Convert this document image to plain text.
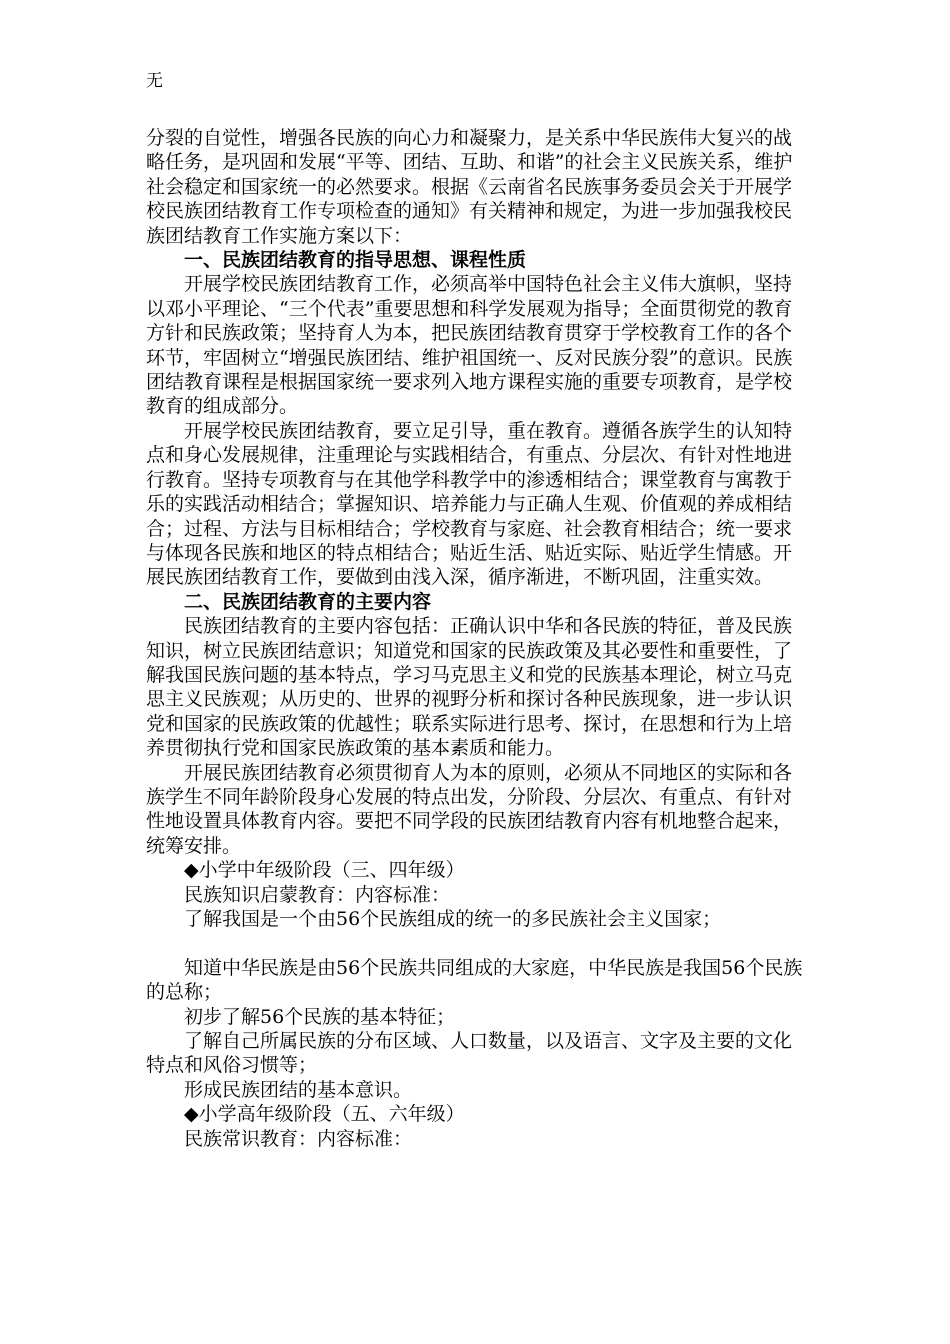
无

分裂的自觉性，增强各民族的向心力和凝聚力，是关系中华民族伟大复兴的战略任务，是巩固和发展“平等、团结、互助、和谐”的社会主义民族关系，维护社会稳定和国家统一的必然要求。根据《云南省名民族事务委员会关于开展学校民族团结教育工作专项检查的通知》有关精神和规定，为进一步加强我校民族团结教育工作实施方案以下：

一、民族团结教育的指导思想、课程性质

开展学校民族团结教育工作，必须高举中国特色社会主义伟大旗帜，坚持以邓小平理论、“三个代表”重要思想和科学发展观为指导；全面贯彻党的教育方针和民族政策；坚持育人为本，把民族团结教育贯穿于学校教育工作的各个环节，牢固树立“增强民族团结、维护祖国统一、反对民族分裂”的意识。民族团结教育课程是根据国家统一要求列入地方课程实施的重要专项教育，是学校教育的组成部分。

开展学校民族团结教育，要立足引导，重在教育。遵循各族学生的认知特点和身心发展规律，注重理论与实践相结合，有重点、分层次、有针对性地进行教育。坚持专项教育与在其他学科教学中的渗透相结合；课堂教育与寓教于乐的实践活动相结合；掌握知识、培养能力与正确人生观、价值观的养成相结合；过程、方法与目标相结合；学校教育与家庭、社会教育相结合；统一要求与体现各民族和地区的特点相结合；贴近生活、贴近实际、贴近学生情感。开展民族团结教育工作，要做到由浅入深，循序渐进，不断巩固，注重实效。

二、民族团结教育的主要内容

民族团结教育的主要内容包括：正确认识中华和各民族的特征，普及民族知识，树立民族团结意识；知道党和国家的民族政策及其必要性和重要性，了解我国民族问题的基本特点，学习马克思主义和党的民族基本理论，树立马克思主义民族观；从历史的、世界的视野分析和探讨各种民族现象，进一步认识党和国家的民族政策的优越性；联系实际进行思考、探讨，在思想和行为上培养贯彻执行党和国家民族政策的基本素质和能力。

开展民族团结教育必须贯彻育人为本的原则，必须从不同地区的实际和各族学生不同年龄阶段身心发展的特点出发，分阶段、分层次、有重点、有针对性地设置具体教育内容。要把不同学段的民族团结教育内容有机地整合起来，统筹安排。

◆小学中年级阶段（三、四年级）

民族知识启蒙教育：内容标准：

了解我国是一个由56个民族组成的统一的多民族社会主义国家；

知道中华民族是由56个民族共同组成的大家庭，中华民族是我国56个民族的总称；

初步了解56个民族的基本特征；

了解自己所属民族的分布区域、人口数量，以及语言、文字及主要的文化特点和风俗习惯等；

形成民族团结的基本意识。

◆小学高年级阶段（五、六年级）

民族常识教育：内容标准：
